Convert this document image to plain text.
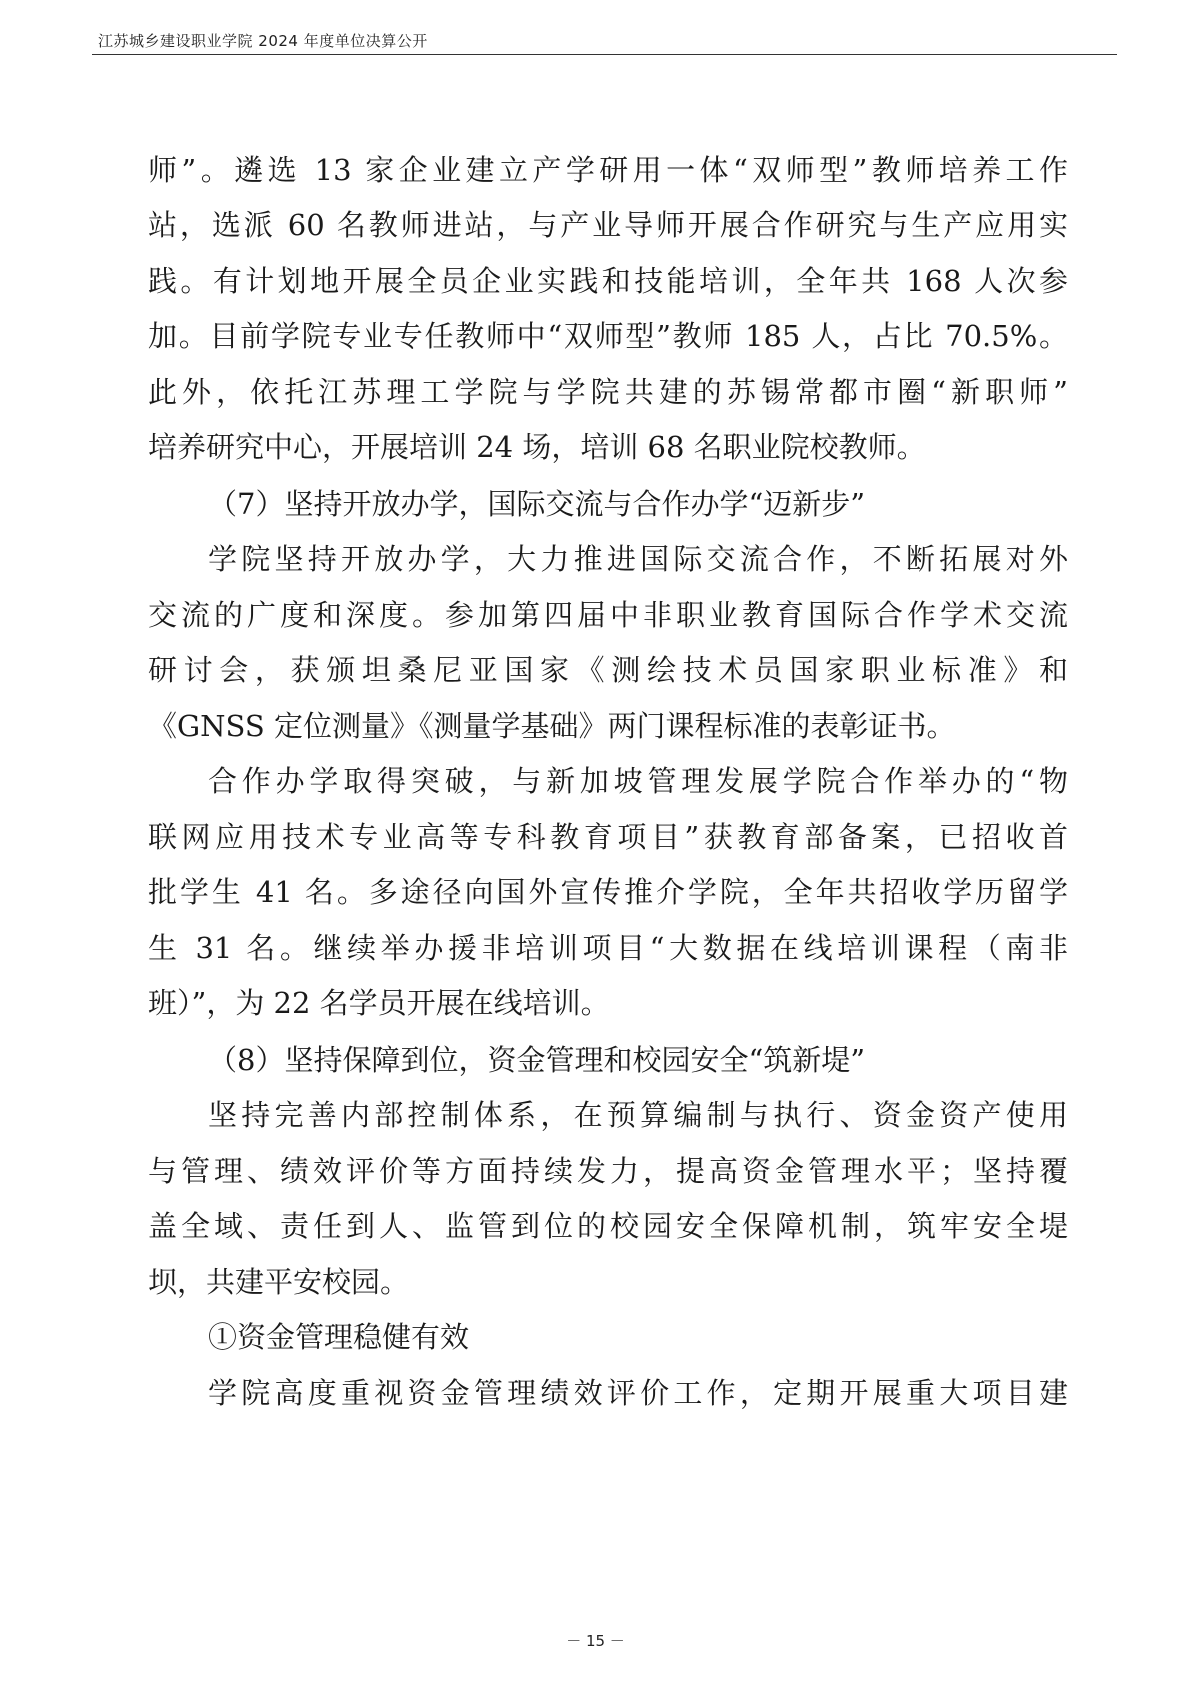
江苏城乡建设职业学院 2024 年度单位决算公开
师”。遴选 13 家企业建立产学研用一体“双师型”教师培养工作
站，选派 60 名教师进站，与产业导师开展合作研究与生产应用实
践。有计划地开展全员企业实践和技能培训，全年共 168 人次参
加。目前学院专业专任教师中“双师型”教师 185 人，占比 70.5%。
此外，依托江苏理工学院与学院共建的苏锡常都市圈“新职师”
培养研究中心，开展培训 24 场，培训 68 名职业院校教师。
（7）坚持开放办学，国际交流与合作办学“迈新步”
学院坚持开放办学，大力推进国际交流合作，不断拓展对外
交流的广度和深度。参加第四届中非职业教育国际合作学术交流
研讨会，获颁坦桑尼亚国家《测绘技术员国家职业标准》和
《GNSS 定位测量》《测量学基础》两门课程标准的表彰证书。
合作办学取得突破，与新加坡管理发展学院合作举办的“物
联网应用技术专业高等专科教育项目”获教育部备案，已招收首
批学生 41 名。多途径向国外宣传推介学院，全年共招收学历留学
生 31 名。继续举办援非培训项目“大数据在线培训课程（南非
班）”，为 22 名学员开展在线培训。
（8）坚持保障到位，资金管理和校园安全“筑新堤”
坚持完善内部控制体系，在预算编制与执行、资金资产使用
与管理、绩效评价等方面持续发力，提高资金管理水平；坚持覆
盖全域、责任到人、监管到位的校园安全保障机制，筑牢安全堤
坝，共建平安校园。
①资金管理稳健有效
学院高度重视资金管理绩效评价工作，定期开展重大项目建
－ 15 －
